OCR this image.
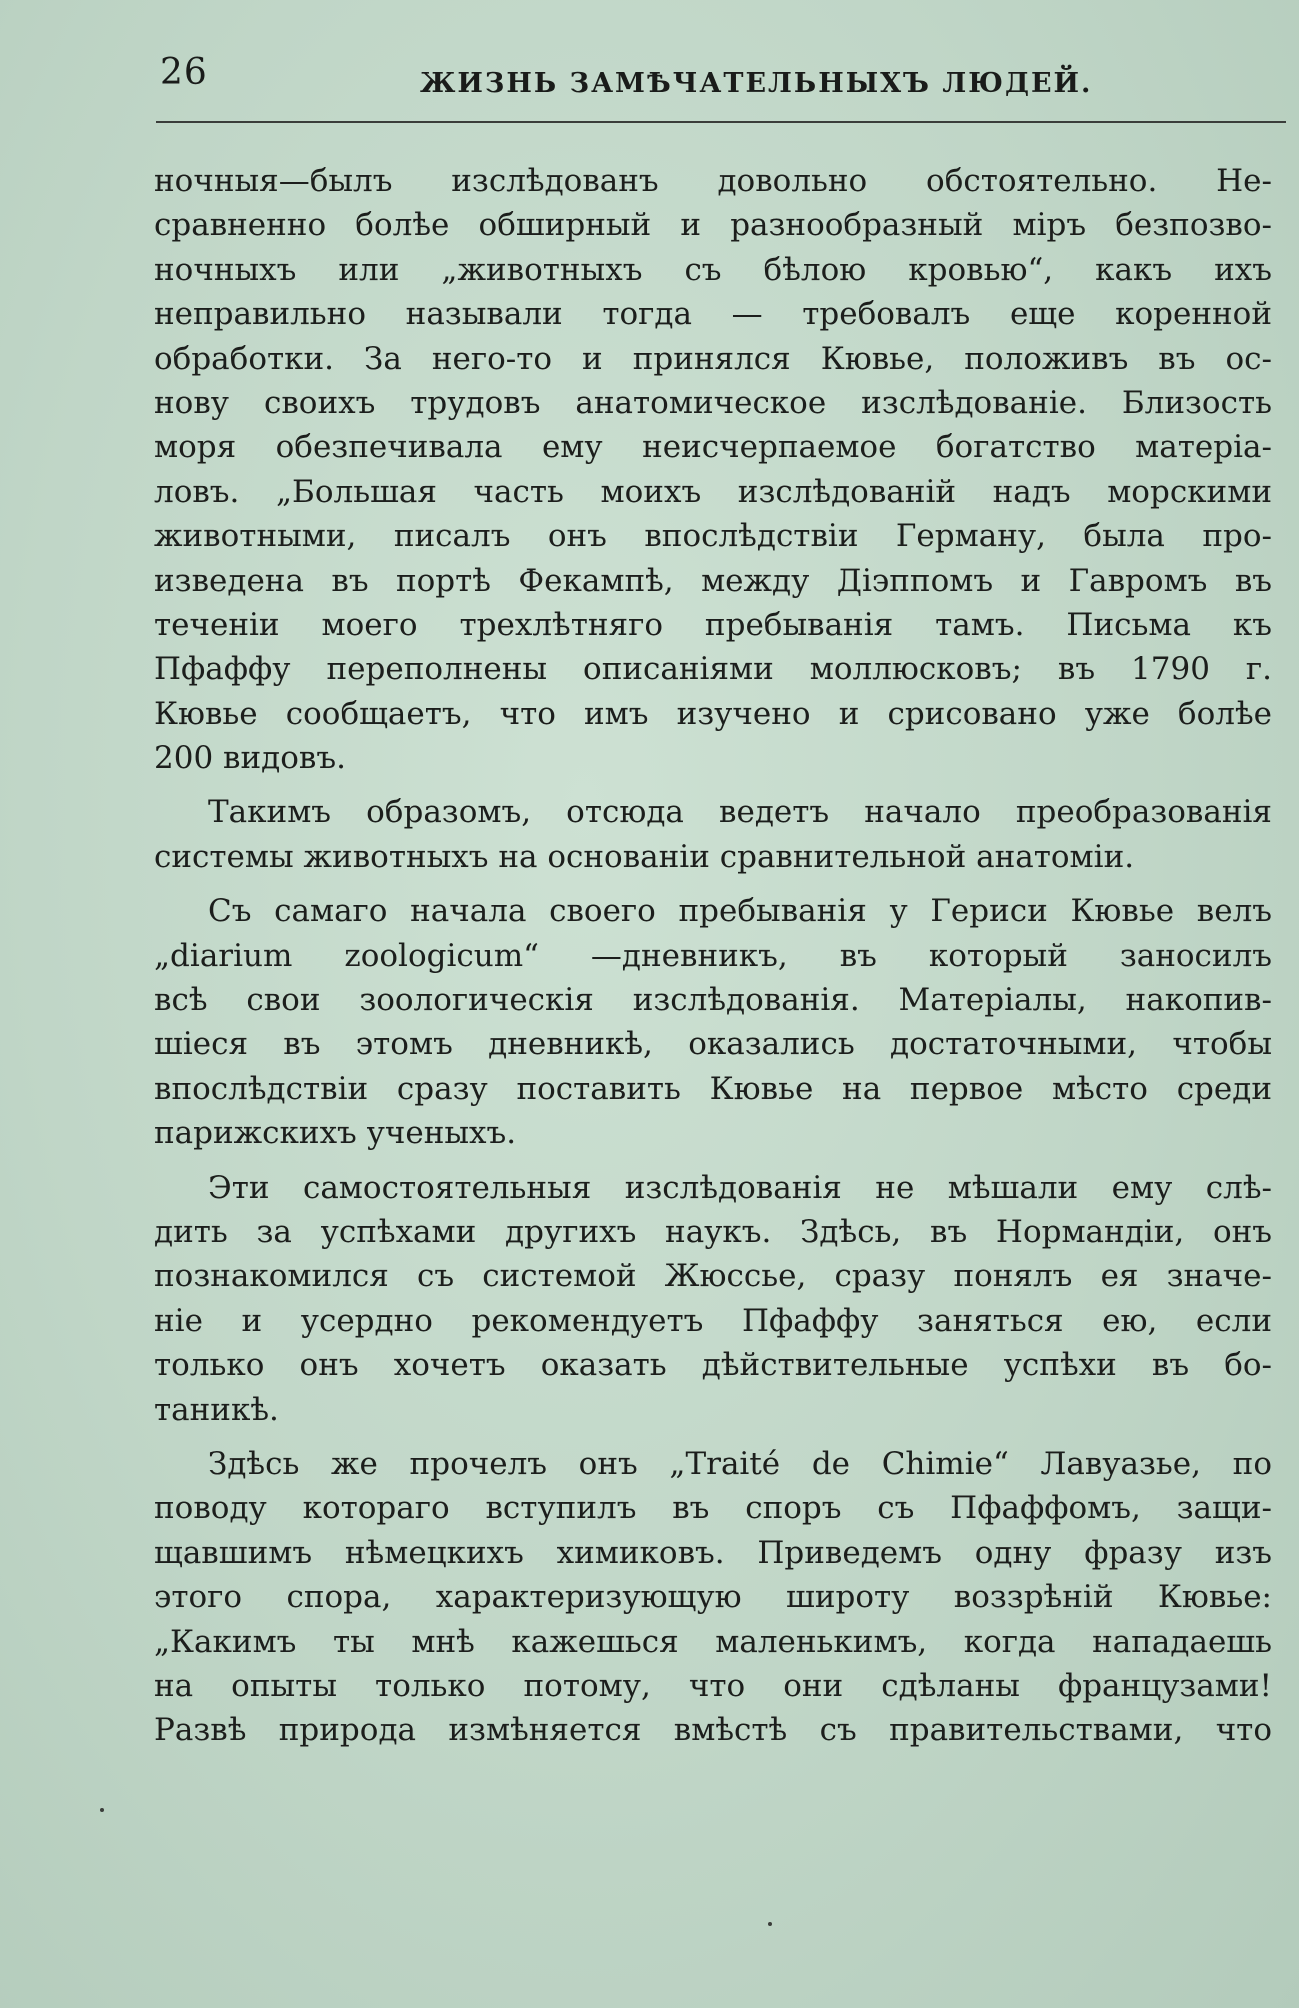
26	ЖИЗНЬ ЗАМѢЧАТЕЛЬНЫХЪ ЛЮДЕЙ.
ночныя—былъ изслѣдованъ довольно обстоятельно. Не-
сравненно болѣе обширный и разнообразный міръ безпозво-
ночныхъ или „животныхъ съ бѣлою кровью“, какъ ихъ
неправильно называли тогда — требовалъ еще коренной
обработки. За него-то и принялся Кювье, положивъ въ ос-
нову своихъ трудовъ анатомическое изслѣдованіе. Близость
моря обезпечивала ему неисчерпаемое богатство матеріа-
ловъ. „Большая часть моихъ изслѣдованій надъ морскими
животными, писалъ онъ впослѣдствіи Герману, была про-
изведена въ портѣ Фекампѣ, между Діэппомъ и Гавромъ въ
теченіи моего трехлѣтняго пребыванія тамъ. Письма къ
Пфаффу переполнены описаніями моллюсковъ; въ 1790 г.
Кювье сообщаетъ, что имъ изучено и срисовано уже болѣе
200 видовъ.
Такимъ образомъ, отсюда ведетъ начало преобразованія
системы животныхъ на основаніи сравнительной анатоміи.
Съ самаго начала своего пребыванія у Гериси Кювье велъ
„diarium zoologicum“ —дневникъ, въ который заносилъ
всѣ свои зоологическія изслѣдованія. Матеріалы, накопив-
шіеся въ этомъ дневникѣ, оказались достаточными, чтобы
впослѣдствіи сразу поставить Кювье на первое мѣсто среди
парижскихъ ученыхъ.
Эти самостоятельныя изслѣдованія не мѣшали ему слѣ-
дить за успѣхами другихъ наукъ. Здѣсь, въ Нормандіи, онъ
познакомился съ системой Жюссье, сразу понялъ ея значе-
ніе и усердно рекомендуетъ Пфаффу заняться ею, если
только онъ хочетъ оказать дѣйствительные успѣхи въ бо-
таникѣ.
Здѣсь же прочелъ онъ „Traité de Chimie“ Лавуазье, по
поводу котораго вступилъ въ споръ съ Пфаффомъ, защи-
щавшимъ нѣмецкихъ химиковъ. Приведемъ одну фразу изъ
этого спора, характеризующую широту воззрѣній Кювье:
„Какимъ ты мнѣ кажешься маленькимъ, когда нападаешь
на опыты только потому, что они сдѣланы французами!
Развѣ природа измѣняется вмѣстѣ съ правительствами, что
